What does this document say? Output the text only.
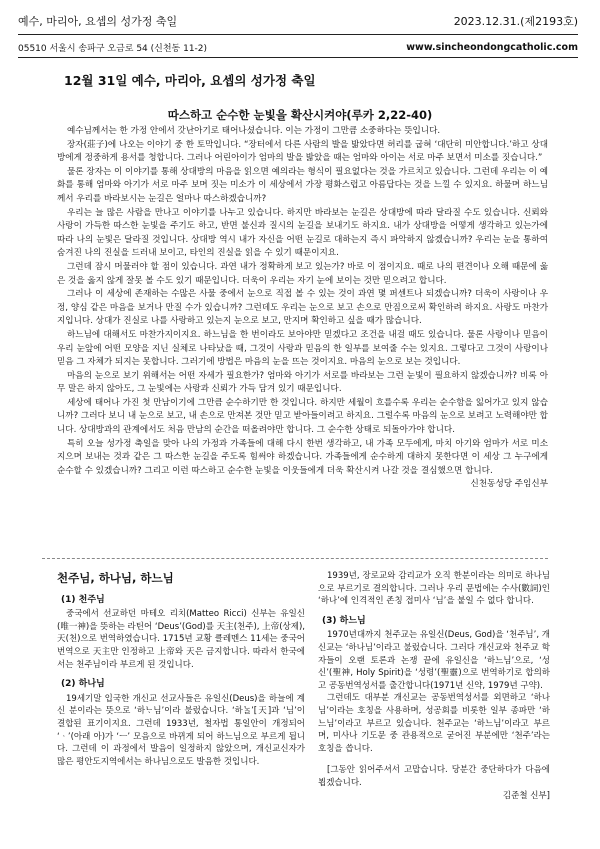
예수, 마리아, 요셉의 성가정 축일	2023.12.31.(제2193호)
05510 서울시 송파구 오금로 54 (신천동 11-2)	www.sinchеondongcatholic.com
12월 31일 예수, 마리아, 요셉의 성가정 축일
따스하고 순수한 눈빛을 확산시켜야(루카 2,22-40)

예수님께서는 한 가정 안에서 갓난아기로 태어나셨습니다. 이는 가정이 그만큼 소중하다는 뜻입니다.

장자(莊子)에 나오는 이야기 중 한 토막입니다. “장터에서 다른 사람의 발을 밟았다면 허리를 굽혀 ‘대단히 미안합니다.’하고 상대방에게 정중하게 용서를 청합니다. 그러나 어린아이가 엄마의 발을 밟았을 때는 엄마와 아이는 서로 마주 보면서 미소를 짓습니다.”

물론 장자는 이 이야기를 통해 상대방의 마음을 읽으면 예의라는 형식이 필요없다는 것을 가르치고 있습니다. 그런데 우리는 이 예화를 통해 엄마와 아기가 서로 마주 보며 짓는 미소가 이 세상에서 가장 평화스럽고 아름답다는 것을 느낄 수 있지요. 하물며 하느님께서 우리를 바라보시는 눈길은 얼마나 따스하겠습니까?

우리는 늘 많은 사람을 만나고 이야기를 나누고 있습니다. 하지만 바라보는 눈길은 상대방에 따라 달라질 수도 있습니다. 신뢰와 사랑이 가득한 따스한 눈빛을 주기도 하고, 반면 불신과 질시의 눈길을 보내기도 하지요. 내가 상대방을 어떻게 생각하고 있는가에 따라 나의 눈빛은 달라질 것입니다. 상대방 역시 내가 자신을 어떤 눈길로 대하는지 즉시 파악하지 않겠습니까? 우리는 눈을 통하여 숨겨진 나의 진실을 드러내 보이고, 타인의 진실을 읽을 수 있기 때문이지요.

그런데 잠시 머물러야 할 점이 있습니다. 과연 내가 정확하게 보고 있는가? 바로 이 점이지요. 때로 나의 편견이나 오해 때문에 옳은 것을 옳지 않게 잘못 볼 수도 있기 때문입니다. 더욱이 우리는 자기 눈에 보이는 것만 믿으려고 합니다.

그러나 이 세상에 존재하는 수많은 사물 중에서 눈으로 직접 볼 수 있는 것이 과연 몇 퍼센트나 되겠습니까? 더욱이 사랑이나 우정, 양심 같은 마음을 보거나 만질 수가 있습니까? 그런데도 우리는 눈으로 보고 손으로 만짐으로써 확인하려 하지요. 사랑도 마찬가지입니다. 상대가 진실로 나를 사랑하고 있는지 눈으로 보고, 만지며 확인하고 싶을 때가 많습니다.

하느님에 대해서도 마찬가지이지요. 하느님을 한 번이라도 보아야만 믿겠다고 조건을 내걸 때도 있습니다. 물론 사랑이나 믿음이 우리 눈앞에 어떤 모양을 지닌 실체로 나타났을 때, 그것이 사랑과 믿음의 한 일부를 보여줄 수는 있지요. 그렇다고 그것이 사랑이나 믿음 그 자체가 되지는 못합니다. 그러기에 방법은 마음의 눈을 뜨는 것이지요. 마음의 눈으로 보는 것입니다.

마음의 눈으로 보기 위해서는 어떤 자세가 필요한가? 엄마와 아기가 서로를 바라보는 그런 눈빛이 필요하지 않겠습니까? 비록 아무 말은 하지 않아도, 그 눈빛에는 사랑과 신뢰가 가득 담겨 있기 때문입니다.

세상에 태어나 가진 첫 만남이기에 그만큼 순수하기만 한 것입니다. 하지만 세월이 흐를수록 우리는 순수함을 잃어가고 있지 않습니까? 그러다 보니 내 눈으로 보고, 내 손으로 만져본 것만 믿고 받아들이려고 하지요. 그럴수록 마음의 눈으로 보려고 노력해야만 합니다. 상대방과의 관계에서도 처음 만남의 순간을 떠올려야만 합니다. 그 순수한 상태로 되돌아가야 합니다.

특히 오늘 성가정 축일을 맞아 나의 가정과 가족들에 대해 다시 한번 생각하고, 내 가족 모두에게, 마치 아기와 엄마가 서로 미소 지으며 보내는 것과 같은 그 따스한 눈길을 주도록 힘써야 하겠습니다. 가족들에게 순수하게 대하지 못한다면 이 세상 그 누구에게 순수할 수 있겠습니까? 그리고 이런 따스하고 순수한 눈빛을 이웃들에게 더욱 확산시켜 나갈 것을 결심했으면 합니다.

신천동성당 주임신부

천주님, 하나님, 하느님
(1) 천주님

중국에서 선교하던 마테오 리치(Matteo Ricci) 신부는 유일신(唯一神)을 뜻하는 라틴어 ‘Deus’(God)를 天主(천주), 上帝(상제), 天(천)으로 번역하였습니다. 1715년 교황 클레멘스 11세는 중국어 번역으로 天主만 인정하고 上帝와 天은 금지합니다. 따라서 한국에서는 천주님이라 부르게 된 것입니다.

(2) 하나님

19세기말 입국한 개신교 선교사들은 유일신(Deus)을 하늘에 계신 분이라는 뜻으로 ‘하ᄂᆞ님’이라 불렀습니다. ‘하ᄂᆞᆯ’[天]과 ‘님’이 결합된 표기이지요. 그런데 1933년, 철자법 통일안이 개정되어 ‘ᆞ’(아래 아)가 ‘ㅡ’ 모음으로 바뀌게 되어 하느님으로 부르게 됩니다. 그런데 이 과정에서 발음이 일정하지 않았으며, 개신교신자가 많은 평안도지역에서는 하나님으로도 발음한 것입니다.

1939년, 장로교와 감리교가 오직 한분이라는 의미로 하나님으로 부르기로 결의합니다. 그러나 우리 문법에는 수사(數詞)인 ‘하나’에 인격적인 존칭 접미사 ‘님’을 붙일 수 없다 합니다.

(3) 하느님

1970년대까지 천주교는 유일신(Deus, God)을 ‘천주님’, 개신교는 ‘하나님’이라고 불렀습니다. 그러다 개신교와 천주교 학자들이 오랜 토론과 논쟁 끝에 유일신을 ‘하느님’으로, ‘성신’(聖神, Holy Spirit)을 ‘성령’(聖靈)으로 번역하기로 합의하고 공동번역성서를 출간합니다(1971년 신약, 1979년 구약).

그런데도 대부분 개신교는 공동번역성서를 외면하고 ‘하나님’이라는 호칭을 사용하며, 성공회를 비롯한 일부 종파만 ‘하느님’이라고 부르고 있습니다. 천주교는 ‘하느님’이라고 부르며, 미사나 기도문 중 관용적으로 굳어진 부분에만 ‘천주’라는 호칭을 씁니다.

[그동안 읽어주셔서 고맙습니다. 당분간 중단하다가 다음에 뵙겠습니다.

김준철 신부]
